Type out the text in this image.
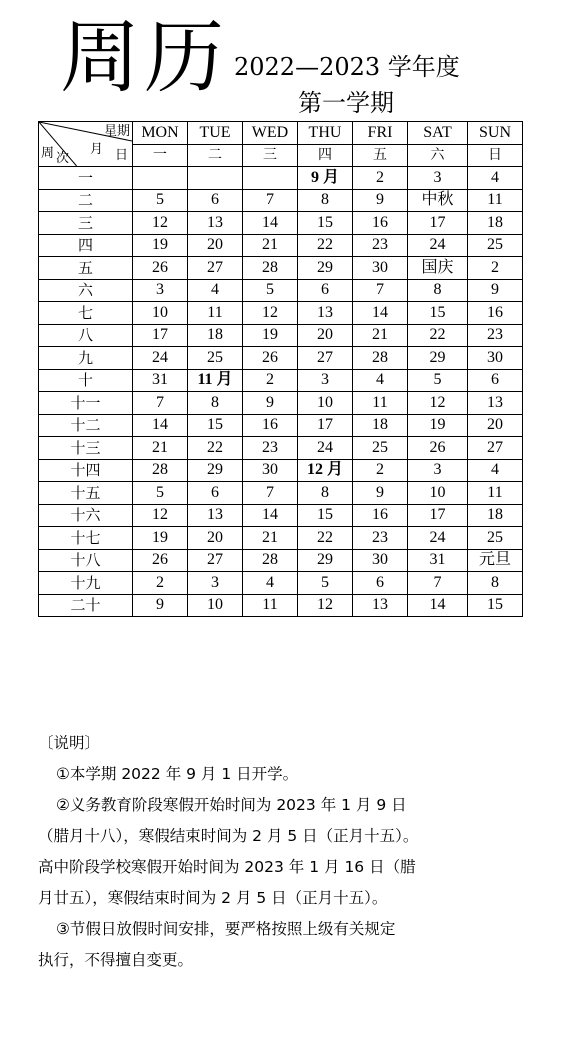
周历 2022—2023 学年度
第一学期
星期
周 次
月 日	MON	TUE	WED	THU	FRI	SAT	SUN
	一	二	三	四	五	六	日
一				9 月	2	3	4
二	5	6	7	8	9	中秋	11
三	12	13	14	15	16	17	18
四	19	20	21	22	23	24	25
五	26	27	28	29	30	国庆	2
六	3	4	5	6	7	8	9
七	10	11	12	13	14	15	16
八	17	18	19	20	21	22	23
九	24	25	26	27	28	29	30
十	31	11 月	2	3	4	5	6
十一	7	8	9	10	11	12	13
十二	14	15	16	17	18	19	20
十三	21	22	23	24	25	26	27
十四	28	29	30	12 月	2	3	4
十五	5	6	7	8	9	10	11
十六	12	13	14	15	16	17	18
十七	19	20	21	22	23	24	25
十八	26	27	28	29	30	31	元旦
十九	2	3	4	5	6	7	8
二十	9	10	11	12	13	14	15

〔说明〕

①本学期 2022 年 9 月 1 日开学。

②义务教育阶段寒假开始时间为 2023 年 1 月 9 日

（腊月十八），寒假结束时间为 2 月 5 日（正月十五）。

高中阶段学校寒假开始时间为 2023 年 1 月 16 日（腊

月廿五），寒假结束时间为 2 月 5 日（正月十五）。

③节假日放假时间安排，要严格按照上级有关规定

执行，不得擅自变更。
